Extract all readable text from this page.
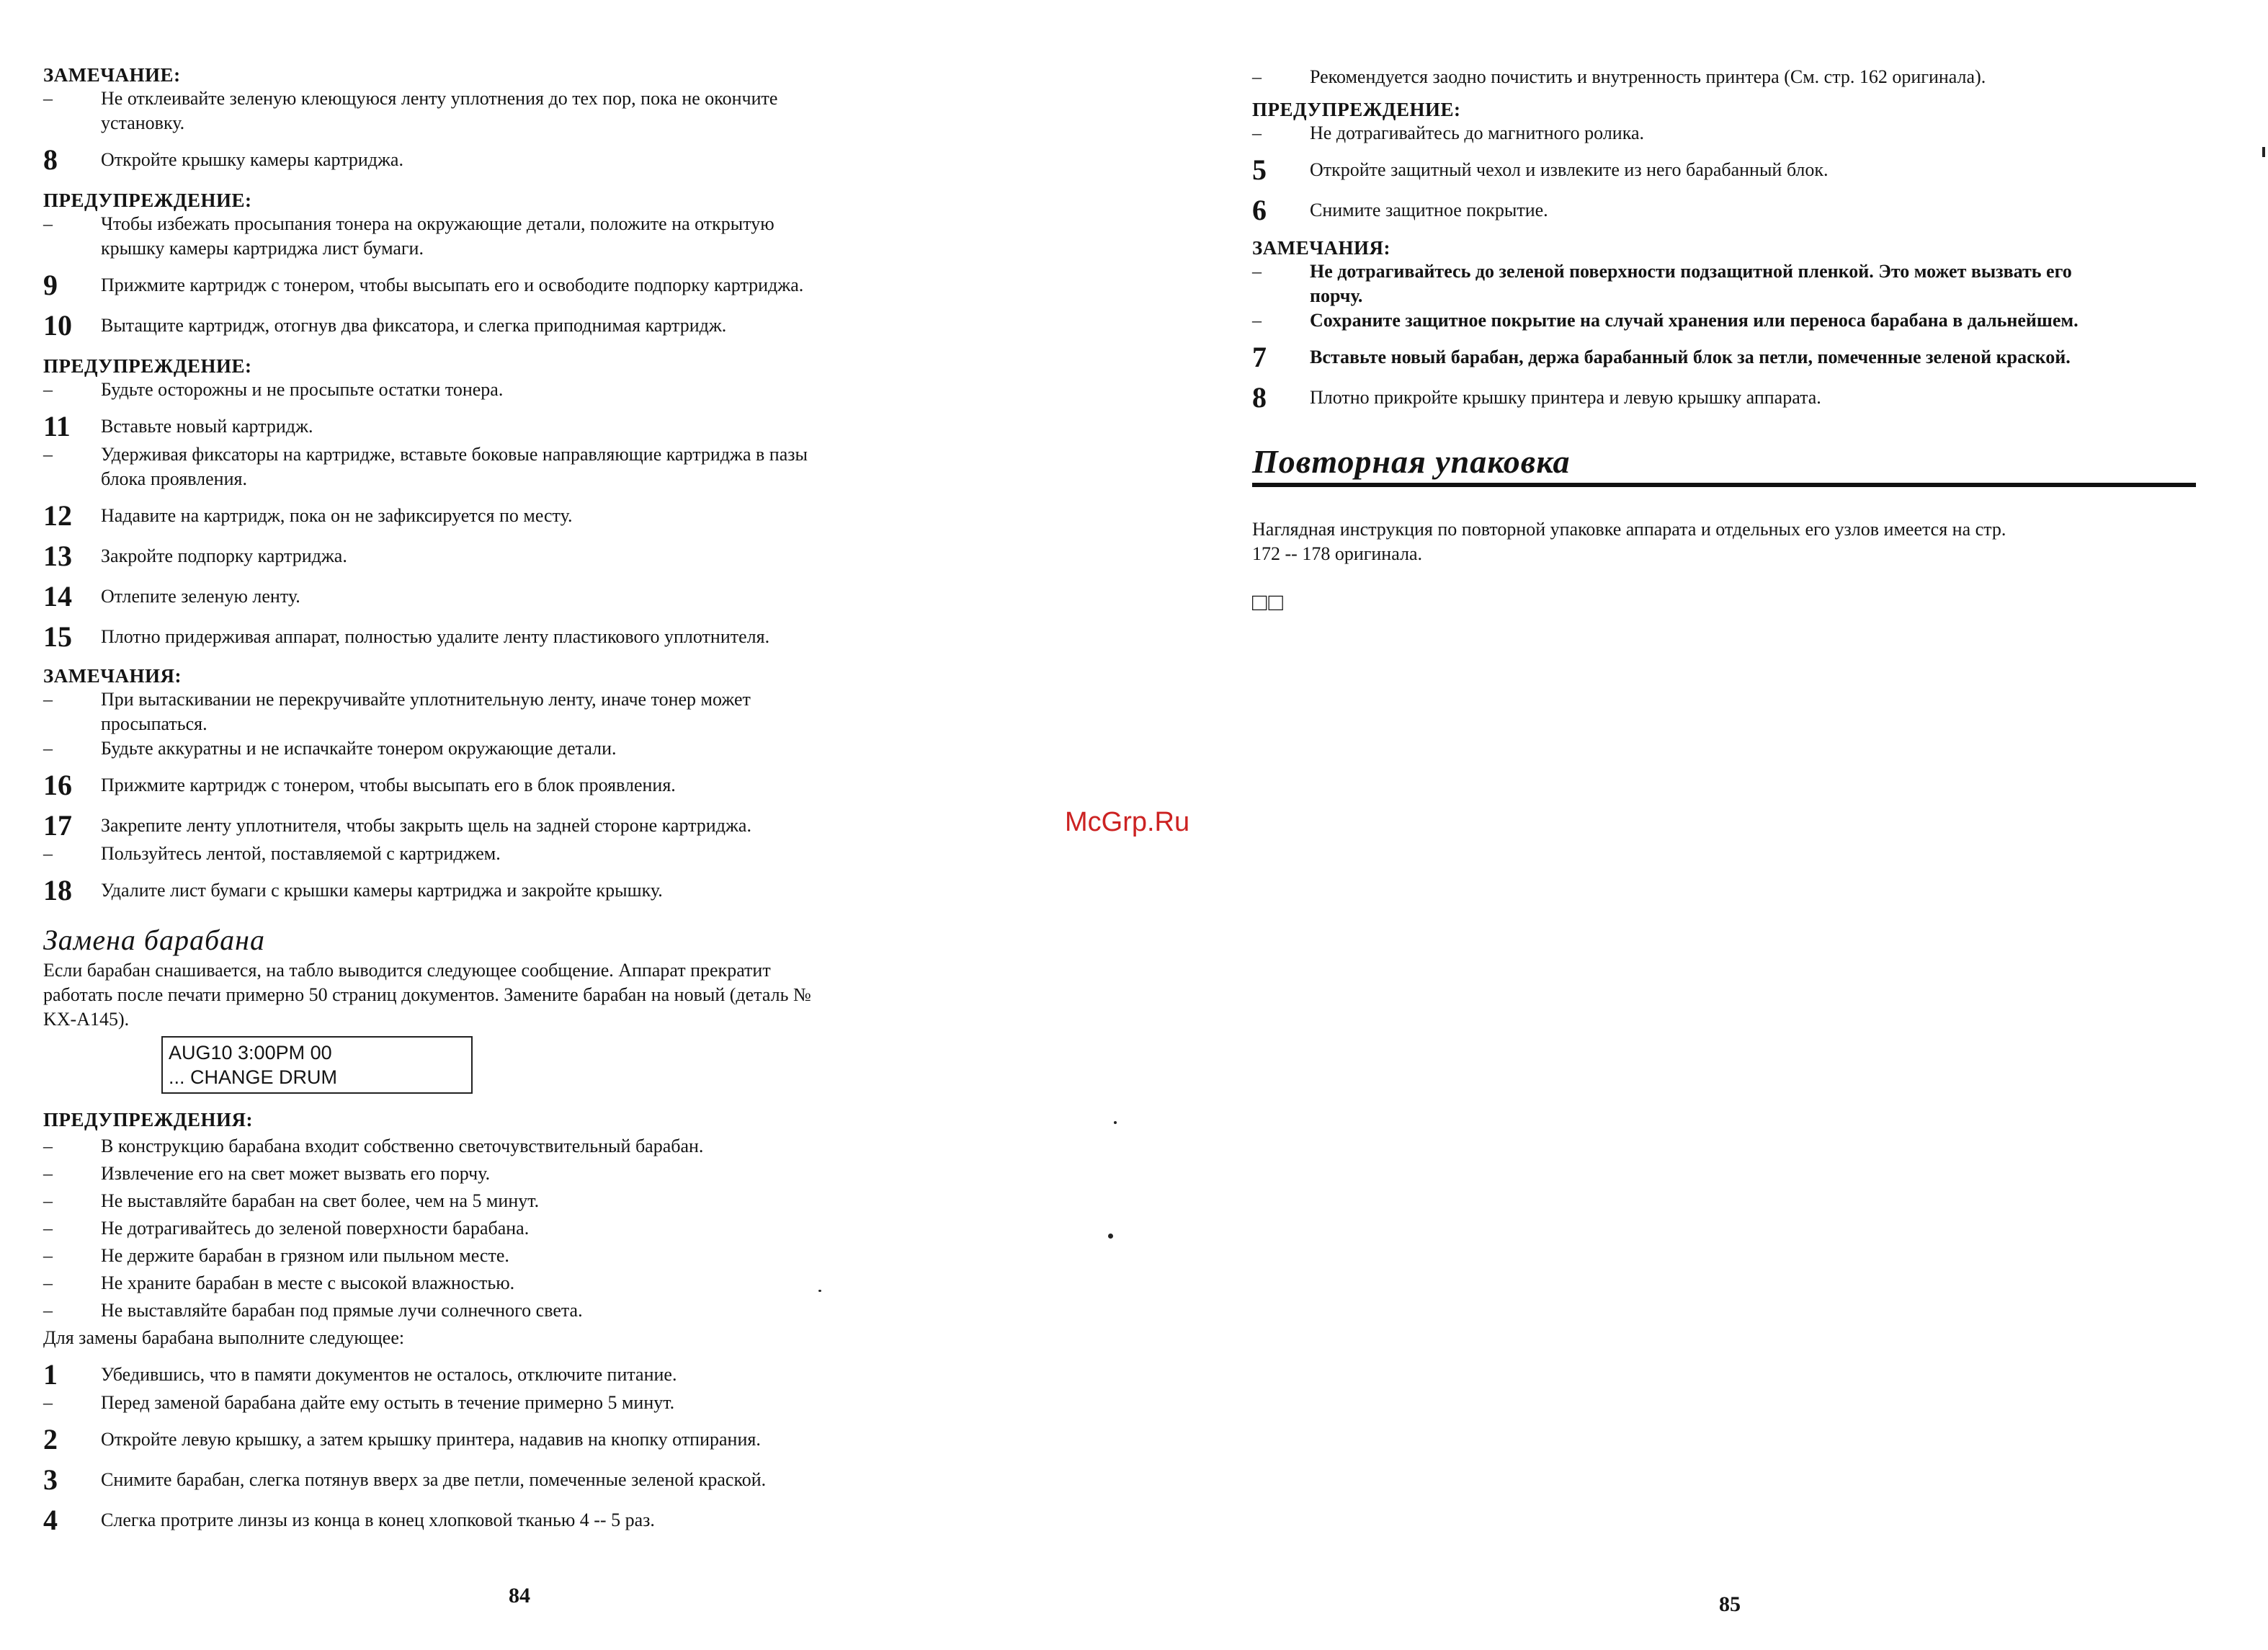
ЗАМЕЧАНИЕ:
–	Не отклеивайте зеленую клеющуюся ленту уплотнения до тех пор, пока не окончите
установку.
8	Откройте крышку камеры картриджа.
ПРЕДУПРЕЖДЕНИЕ:
–	Чтобы избежать просыпания тонера на окружающие детали, положите на открытую
крышку камеры картриджа лист бумаги.
9	Прижмите картридж с тонером, чтобы высыпать его и освободите подпорку картриджа.
10	Вытащите картридж, отогнув два фиксатора, и слегка приподнимая картридж.
ПРЕДУПРЕЖДЕНИЕ:
–	Будьте осторожны и не просыпьте остатки тонера.
11	Вставьте новый картридж.
–	Удерживая фиксаторы на картридже, вставьте боковые направляющие картриджа в пазы
блока проявления.
12	Надавите на картридж, пока он не зафиксируется по месту.
13	Закройте подпорку картриджа.
14	Отлепите зеленую ленту.
15	Плотно придерживая аппарат, полностью удалите ленту пластикового уплотнителя.
ЗАМЕЧАНИЯ:
–	При вытаскивании не перекручивайте уплотнительную ленту, иначе тонер может
просыпаться.
–	Будьте аккуратны и не испачкайте тонером окружающие детали.
16	Прижмите картридж с тонером, чтобы высыпать его в блок проявления.
17	Закрепите ленту уплотнителя, чтобы закрыть щель на задней стороне картриджа.
–	Пользуйтесь лентой, поставляемой с картриджем.
18	Удалите лист бумаги с крышки камеры картриджа и закройте крышку.
Замена барабана
Если барабан снашивается, на табло выводится следующее сообщение. Аппарат прекратит
работать после печати примерно 50 страниц документов. Замените барабан на новый (деталь №
KX-A145).
AUG10 3:00PM 00
... CHANGE DRUM
ПРЕДУПРЕЖДЕНИЯ:
–	В конструкцию барабана входит собственно светочувствительный барабан.
–	Извлечение его на свет может вызвать его порчу.
–	Не выставляйте барабан на свет более, чем на 5 минут.
–	Не дотрагивайтесь до зеленой поверхности барабана.
–	Не держите барабан в грязном или пыльном месте.
–	Не храните барабан в месте с высокой влажностью.
–	Не выставляйте барабан под прямые лучи солнечного света.
Для замены барабана выполните следующее:
1	Убедившись, что в памяти документов не осталось, отключите питание.
–	Перед заменой барабана дайте ему остыть в течение примерно 5 минут.
2	Откройте левую крышку, а затем крышку принтера, надавив на кнопку отпирания.
3	Снимите барабан, слегка потянув вверх за две петли, помеченные зеленой краской.
4	Слегка протрите линзы из конца в конец хлопковой тканью 4 -- 5 раз.
84
–	Рекомендуется заодно почистить и внутренность принтера (См. стр. 162 оригинала).
ПРЕДУПРЕЖДЕНИЕ:
–	Не дотрагивайтесь до магнитного ролика.
5	Откройте защитный чехол и извлеките из него барабанный блок.
6	Снимите защитное покрытие.
ЗАМЕЧАНИЯ:
–	Не дотрагивайтесь до зеленой поверхности подзащитной пленкой. Это может вызвать его
порчу.
–	Сохраните защитное покрытие на случай хранения или переноса барабана в дальнейшем.
7	Вставьте новый барабан, держа барабанный блок за петли, помеченные зеленой краской.
8	Плотно прикройте крышку принтера и левую крышку аппарата.
Повторная упаковка
Наглядная инструкция по повторной упаковке аппарата и отдельных его узлов имеется на стр.
172 -- 178 оригинала.
□□
85
McGrp.Ru
